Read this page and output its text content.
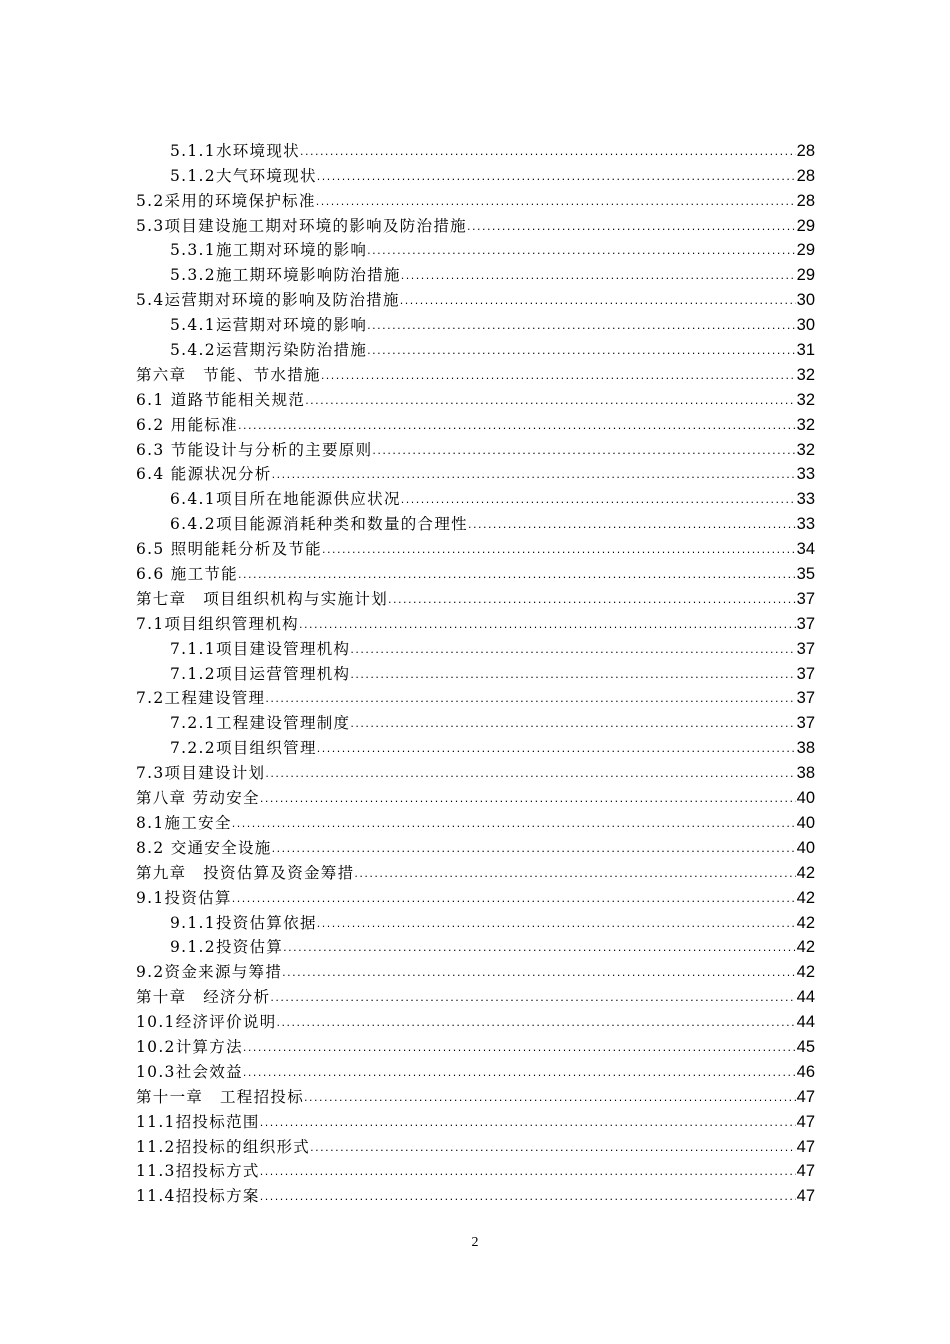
5.1.1水环境现状 .....	28
5.1.2大气环境现状 .....	28
5.2采用的环境保护标准 .....	28
5.3项目建设施工期对环境的影响及防治措施 .....	29
5.3.1施工期对环境的影响 .....	29
5.3.2施工期环境影响防治措施 .....	29
5.4运营期对环境的影响及防治措施 .....	30
5.4.1运营期对环境的影响 .....	30
5.4.2运营期污染防治措施 .....	31
第六章　节能、节水措施 .....	32
6.1 道路节能相关规范 .....	32
6.2 用能标准 .....	32
6.3 节能设计与分析的主要原则 .....	32
6.4 能源状况分析 .....	33
6.4.1项目所在地能源供应状况 .....	33
6.4.2项目能源消耗种类和数量的合理性 .....	33
6.5 照明能耗分析及节能 .....	34
6.6 施工节能 .....	35
第七章　项目组织机构与实施计划 .....	37
7.1项目组织管理机构 .....	37
7.1.1项目建设管理机构 .....	37
7.1.2项目运营管理机构 .....	37
7.2工程建设管理 .....	37
7.2.1工程建设管理制度 .....	37
7.2.2项目组织管理 .....	38
7.3项目建设计划 .....	38
第八章 劳动安全 .....	40
8.1施工安全 .....	40
8.2 交通安全设施 .....	40
第九章　投资估算及资金筹措 .....	42
9.1投资估算 .....	42
9.1.1投资估算依据 .....	42
9.1.2投资估算 .....	42
9.2资金来源与筹措 .....	42
第十章　经济分析 .....	44
10.1经济评价说明 .....	44
10.2计算方法 .....	45
10.3社会效益 .....	46
第十一章　工程招投标 .....	47
11.1招投标范围 .....	47
11.2招投标的组织形式 .....	47
11.3招投标方式 .....	47
11.4招投标方案 .....	47
2
